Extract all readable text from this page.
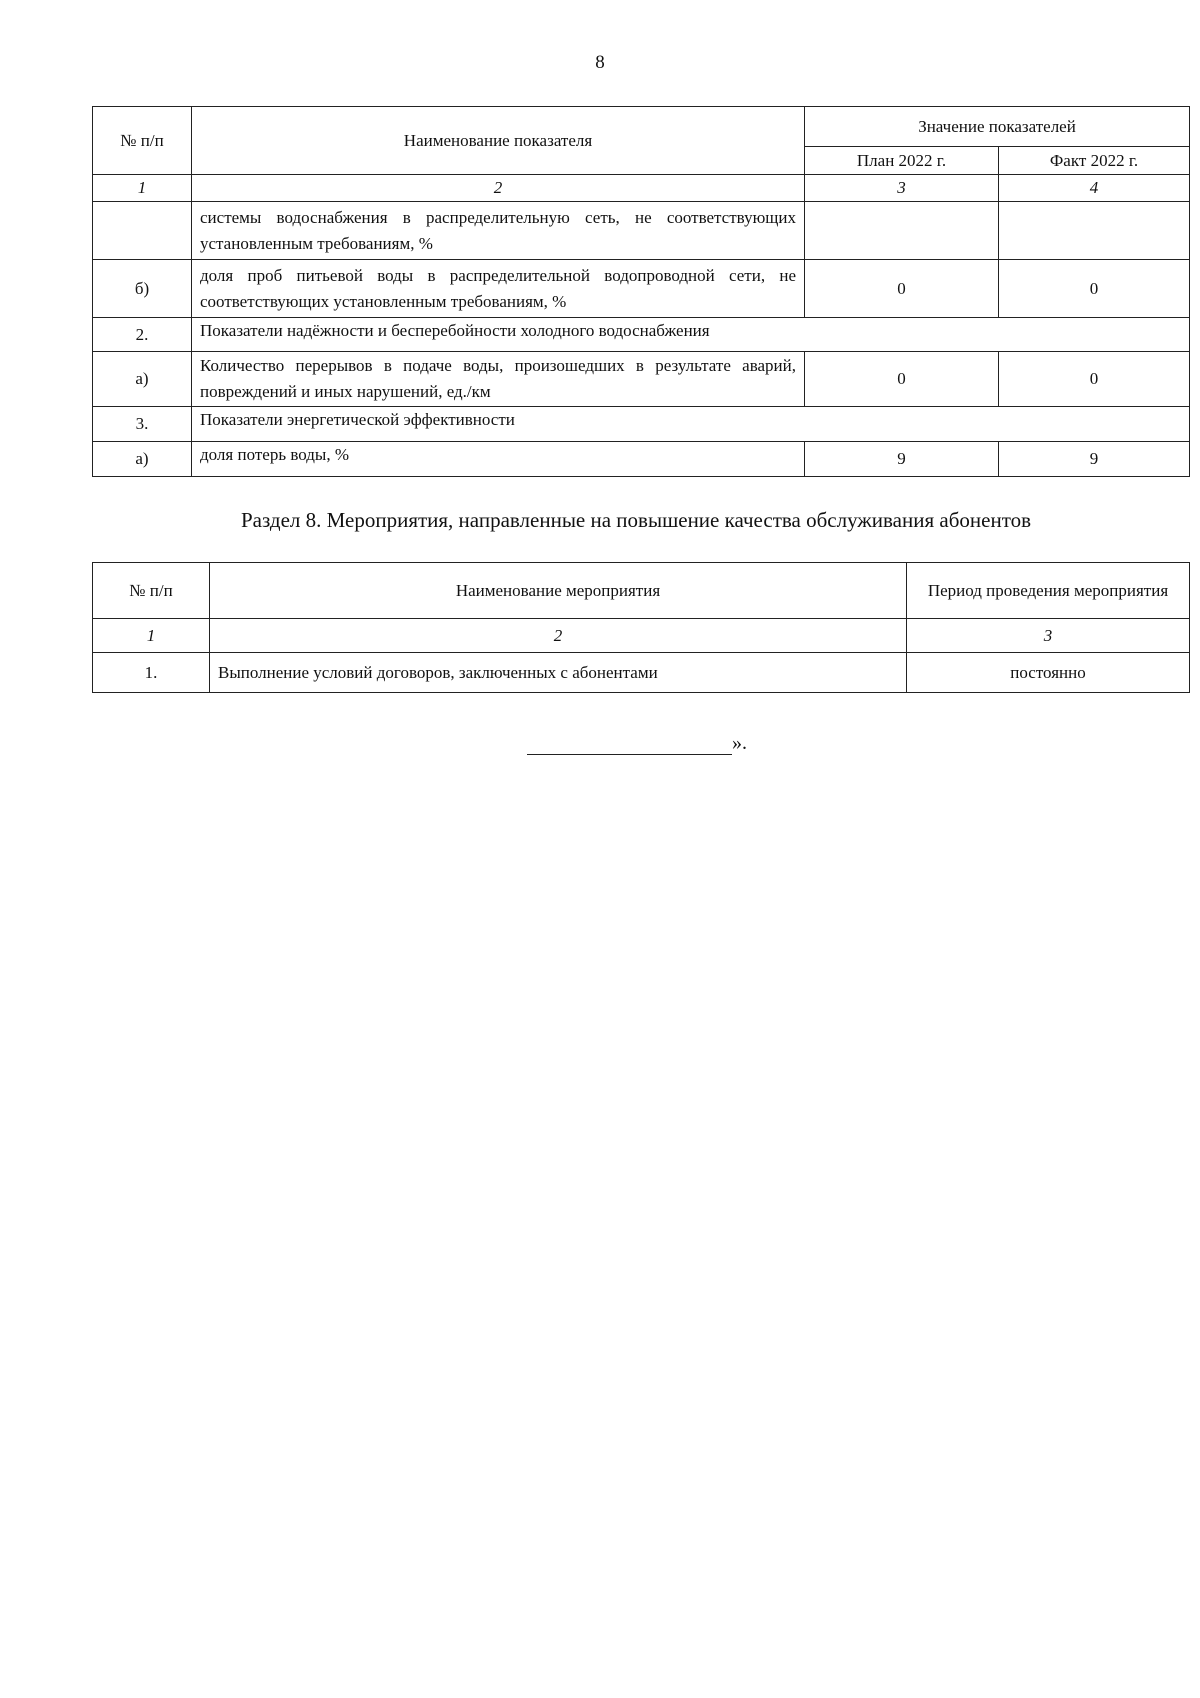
8
№ п/п	Наименование показателя	Значение показателей	
		План 2022 г.	Факт 2022 г.
1	2	3	4
	системы водоснабжения в распределительную сеть, не соответствующих установленным требованиям, %		
б)	доля проб питьевой воды в распределительной водопроводной сети, не соответствующих установленным требованиям, %	0	0
2.	Показатели надёжности и бесперебойности холодного водоснабжения		
а)	Количество перерывов в подаче воды, произошедших в результате аварий, повреждений и иных нарушений, ед./км	0	0
3.	Показатели энергетической эффективности		
а)	доля потерь воды, %	9	9
Раздел 8. Мероприятия, направленные на повышение качества обслуживания абонентов
№ п/п	Наименование мероприятия	Период проведения мероприятия
1	2	3
1.	Выполнение условий договоров, заключенных с абонентами	постоянно
».
